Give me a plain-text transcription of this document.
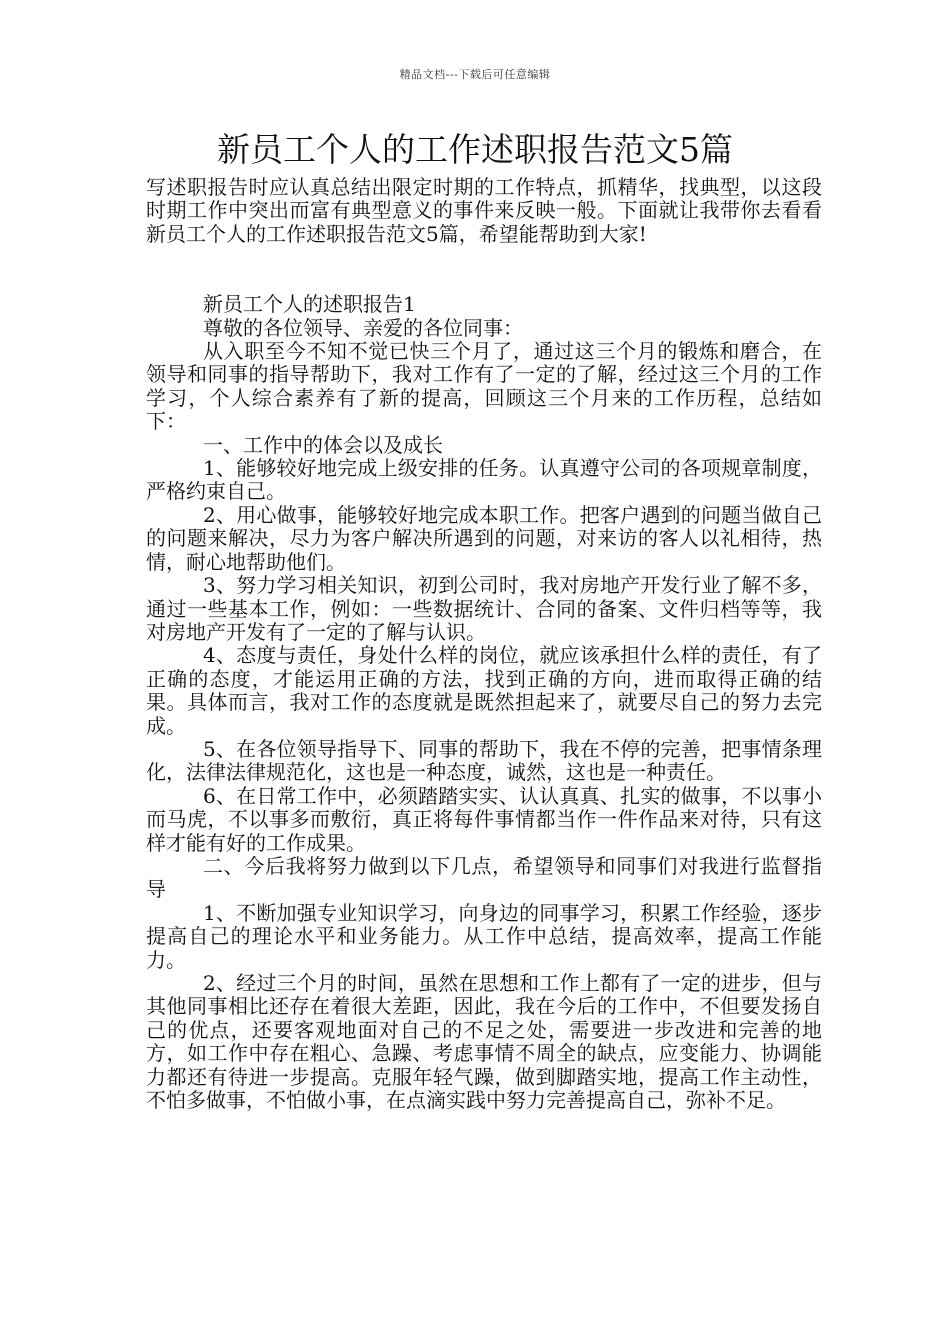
精品文档---下载后可任意编辑
新员工个人的工作述职报告范文5篇

写述职报告时应认真总结出限定时期的工作特点，抓精华，找典型，以这段时期工作中突出而富有典型意义的事件来反映一般。下面就让我带你去看看新员工个人的工作述职报告范文5篇，希望能帮助到大家!

新员工个人的述职报告1

尊敬的各位领导、亲爱的各位同事：

从入职至今不知不觉已快三个月了，通过这三个月的锻炼和磨合，在领导和同事的指导帮助下，我对工作有了一定的了解，经过这三个月的工作学习，个人综合素养有了新的提高，回顾这三个月来的工作历程，总结如下：

一、工作中的体会以及成长

1、能够较好地完成上级安排的任务。认真遵守公司的各项规章制度，严格约束自己。

2、用心做事，能够较好地完成本职工作。把客户遇到的问题当做自己的问题来解决，尽力为客户解决所遇到的问题，对来访的客人以礼相待，热情，耐心地帮助他们。

3、努力学习相关知识，初到公司时，我对房地产开发行业了解不多，通过一些基本工作，例如：一些数据统计、合同的备案、文件归档等等，我对房地产开发有了一定的了解与认识。

4、态度与责任，身处什么样的岗位，就应该承担什么样的责任，有了正确的态度，才能运用正确的方法，找到正确的方向，进而取得正确的结果。具体而言，我对工作的态度就是既然担起来了，就要尽自己的努力去完成。

5、在各位领导指导下、同事的帮助下，我在不停的完善，把事情条理化，法律法律规范化，这也是一种态度，诚然，这也是一种责任。

6、在日常工作中，必须踏踏实实、认认真真、扎实的做事，不以事小而马虎，不以事多而敷衍，真正将每件事情都当作一件作品来对待，只有这样才能有好的工作成果。

二、今后我将努力做到以下几点，希望领导和同事们对我进行监督指导

1、不断加强专业知识学习，向身边的同事学习，积累工作经验，逐步提高自己的理论水平和业务能力。从工作中总结，提高效率，提高工作能力。

2、经过三个月的时间，虽然在思想和工作上都有了一定的进步，但与其他同事相比还存在着很大差距，因此，我在今后的工作中，不但要发扬自己的优点，还要客观地面对自己的不足之处，需要进一步改进和完善的地方，如工作中存在粗心、急躁、考虑事情不周全的缺点，应变能力、协调能力都还有待进一步提高。克服年轻气躁，做到脚踏实地，提高工作主动性，不怕多做事，不怕做小事，在点滴实践中努力完善提高自己，弥补不足。
